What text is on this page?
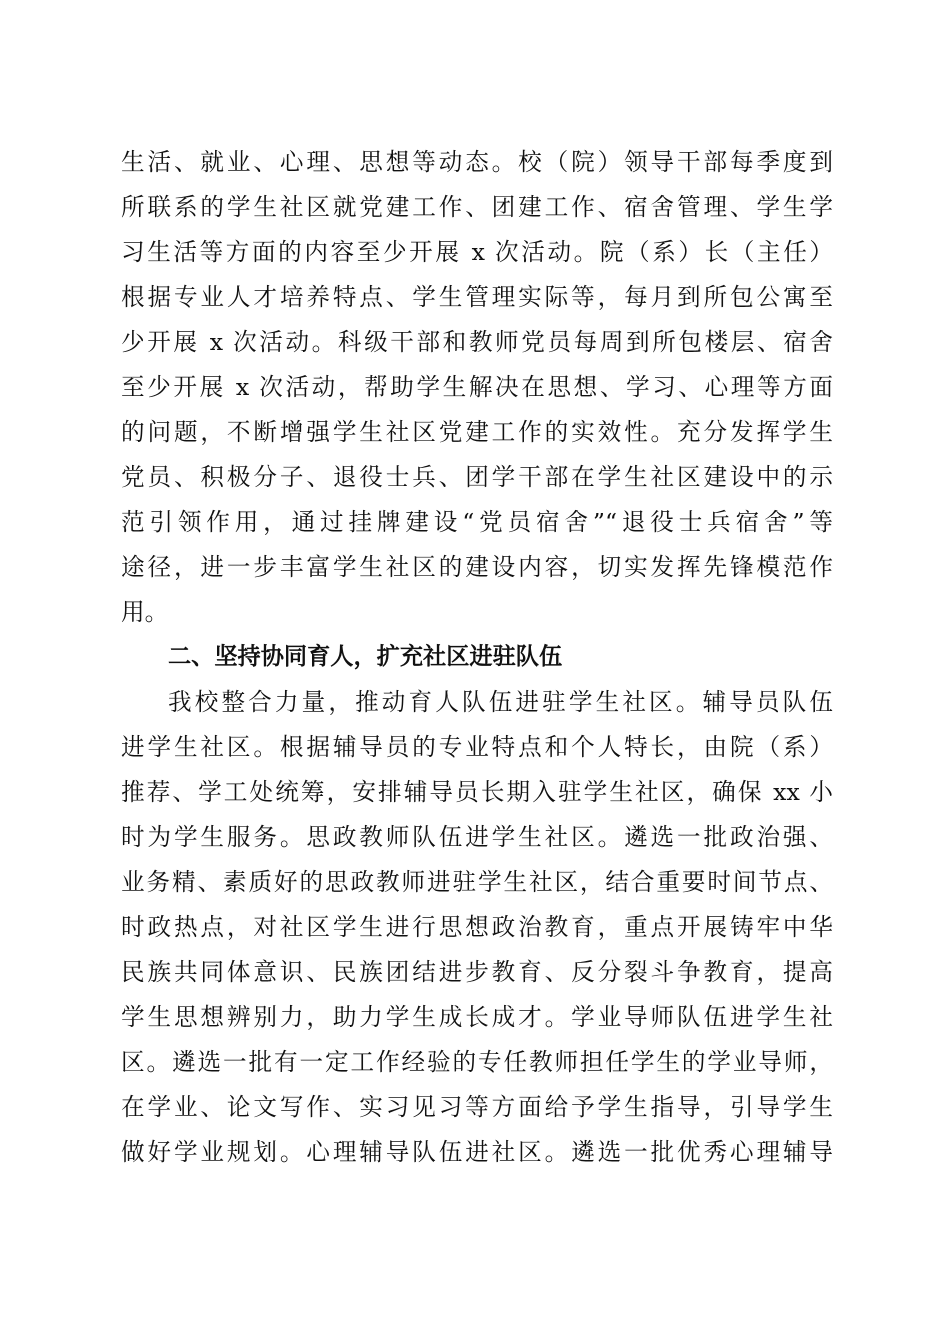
生活、就业、心理、思想等动态。校（院）领导干部每季度到
所联系的学生社区就党建工作、团建工作、宿舍管理、学生学
习生活等方面的内容至少开展 x 次活动。院（系）长（主任）
根据专业人才培养特点、学生管理实际等，每月到所包公寓至
少开展 x 次活动。科级干部和教师党员每周到所包楼层、宿舍
至少开展 x 次活动，帮助学生解决在思想、学习、心理等方面
的问题，不断增强学生社区党建工作的实效性。充分发挥学生
党员、积极分子、退役士兵、团学干部在学生社区建设中的示
范引领作用，通过挂牌建设“党员宿舍”“退役士兵宿舍”等
途径，进一步丰富学生社区的建设内容，切实发挥先锋模范作
用。
二、坚持协同育人，扩充社区进驻队伍
我校整合力量，推动育人队伍进驻学生社区。辅导员队伍
进学生社区。根据辅导员的专业特点和个人特长，由院（系）
推荐、学工处统筹，安排辅导员长期入驻学生社区，确保 xx 小
时为学生服务。思政教师队伍进学生社区。遴选一批政治强、
业务精、素质好的思政教师进驻学生社区，结合重要时间节点、
时政热点，对社区学生进行思想政治教育，重点开展铸牢中华
民族共同体意识、民族团结进步教育、反分裂斗争教育，提高
学生思想辨别力，助力学生成长成才。学业导师队伍进学生社
区。遴选一批有一定工作经验的专任教师担任学生的学业导师，
在学业、论文写作、实习见习等方面给予学生指导，引导学生
做好学业规划。心理辅导队伍进社区。遴选一批优秀心理辅导
